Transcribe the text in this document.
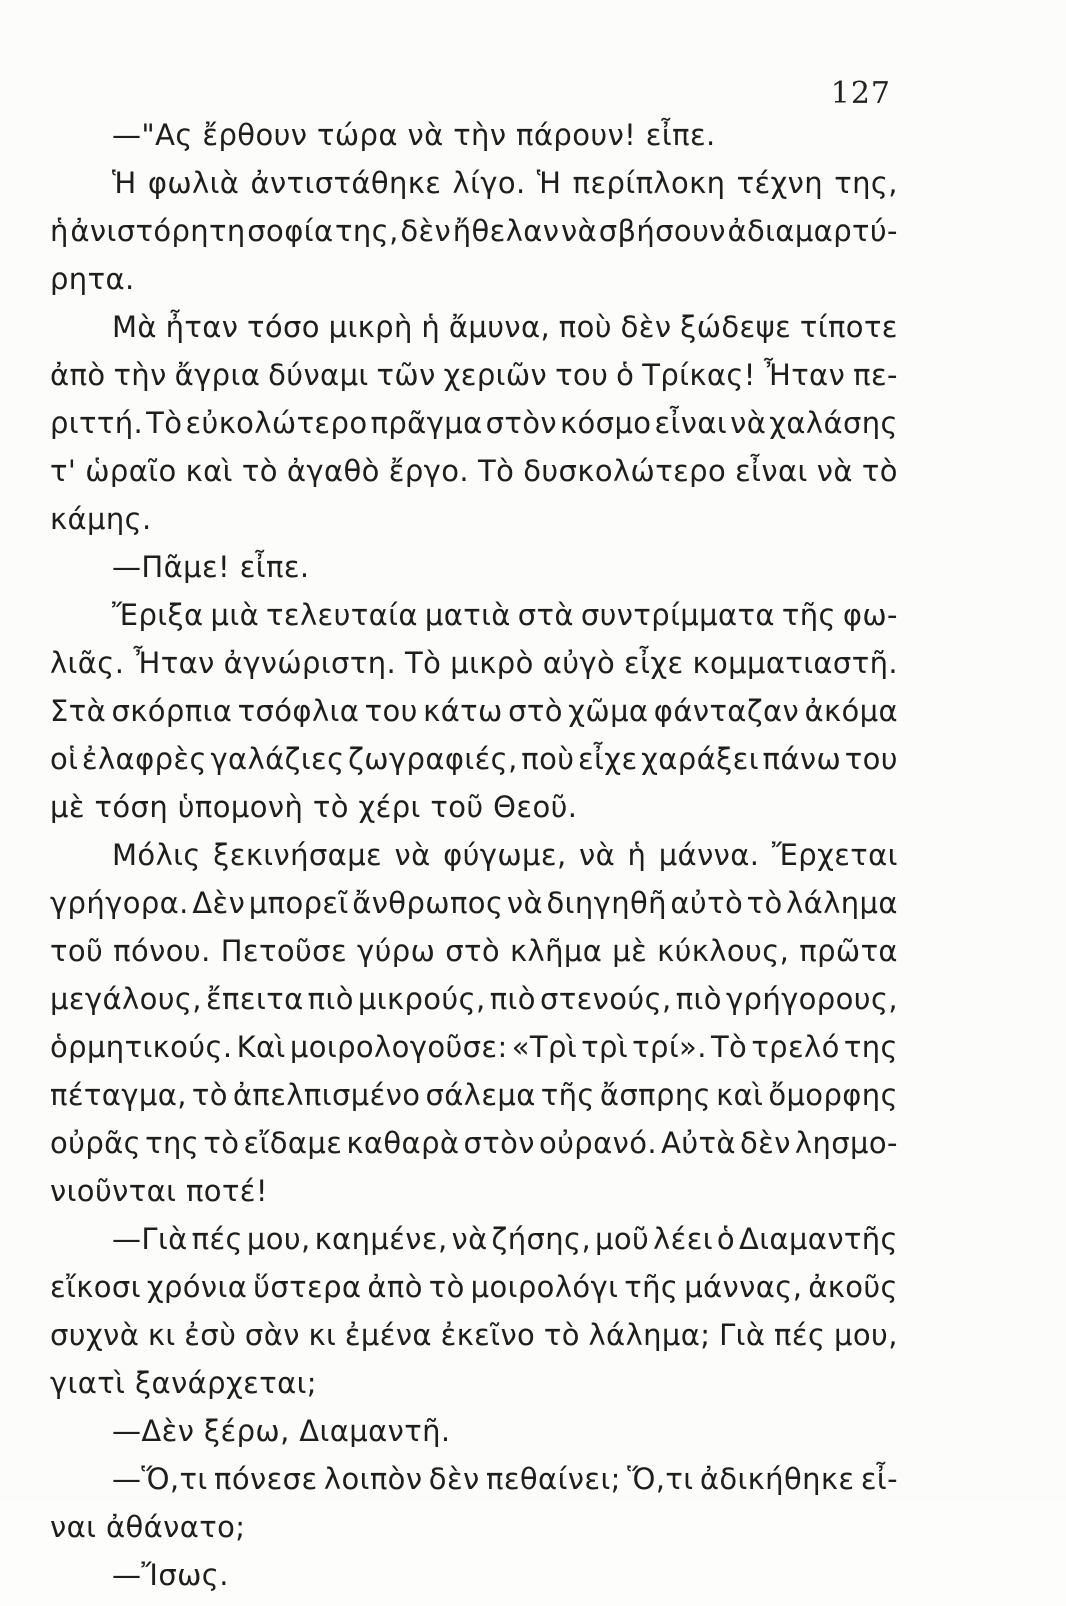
127
—"Ας ἔρθουν τώρα νὰ τὴν πάρουν! εἶπε.
Ἡ φωλιὰ ἀντιστάθηκε λίγο. Ἡ περίπλοκη τέχνη της,
ἡ ἀνιστόρητη σοφία της, δὲν ἤθελαν νὰ σβήσουν ἀδιαμαρτύ-
ρητα.
Μὰ ἦταν τόσο μικρὴ ἡ ἄμυνα, ποὺ δὲν ξώδεψε τίποτε
ἀπὸ τὴν ἄγρια δύναμι τῶν χεριῶν του ὁ Τρίκας! Ἦταν πε-
ριττή. Τὸ εὐκολώτερο πρᾶγμα στὸν κόσμο εἶναι νὰ χαλάσης
τ' ὡραῖο καὶ τὸ ἀγαθὸ ἔργο. Τὸ δυσκολώτερο εἶναι νὰ τὸ
κάμης.
—Πᾶμε! εἶπε.
Ἔριξα μιὰ τελευταία ματιὰ στὰ συντρίμματα τῆς φω-
λιᾶς. Ἦταν ἀγνώριστη. Τὸ μικρὸ αὐγὸ εἶχε κομματιαστῆ.
Στὰ σκόρπια τσόφλια του κάτω στὸ χῶμα φάνταζαν ἀκόμα
οἱ ἐλαφρὲς γαλάζιες ζωγραφιές, ποὺ εἶχε χαράξει πάνω του
μὲ τόση ὑπομονὴ τὸ χέρι τοῦ Θεοῦ.
Μόλις ξεκινήσαμε νὰ φύγωμε, νὰ ἡ μάννα. Ἔρχεται
γρήγορα. Δὲν μπορεῖ ἄνθρωπος νὰ διηγηθῆ αὐτὸ τὸ λάλημα
τοῦ πόνου. Πετοῦσε γύρω στὸ κλῆμα μὲ κύκλους, πρῶτα
μεγάλους, ἔπειτα πιὸ μικρούς, πιὸ στενούς, πιὸ γρήγορους,
ὁρμητικούς. Καὶ μοιρολογοῦσε: «Τρὶ τρὶ τρί». Τὸ τρελό της
πέταγμα, τὸ ἀπελπισμένο σάλεμα τῆς ἄσπρης καὶ ὄμορφης
οὐρᾶς της τὸ εἴδαμε καθαρὰ στὸν οὐρανό. Αὐτὰ δὲν λησμο-
νιοῦνται ποτέ!
—Γιὰ πές μου, καημένε, νὰ ζήσης, μοῦ λέει ὁ Διαμαντῆς
εἴκοσι χρόνια ὕστερα ἀπὸ τὸ μοιρολόγι τῆς μάννας, ἀκοῦς
συχνὰ κι ἐσὺ σὰν κι ἐμένα ἐκεῖνο τὸ λάλημα; Γιὰ πές μου,
γιατὶ ξανάρχεται;
—Δὲν ξέρω, Διαμαντῆ.
—Ὅ,τι πόνεσε λοιπὸν δὲν πεθαίνει; Ὅ,τι ἀδικήθηκε εἶ-
ναι ἀθάνατο;
—Ἴσως.
